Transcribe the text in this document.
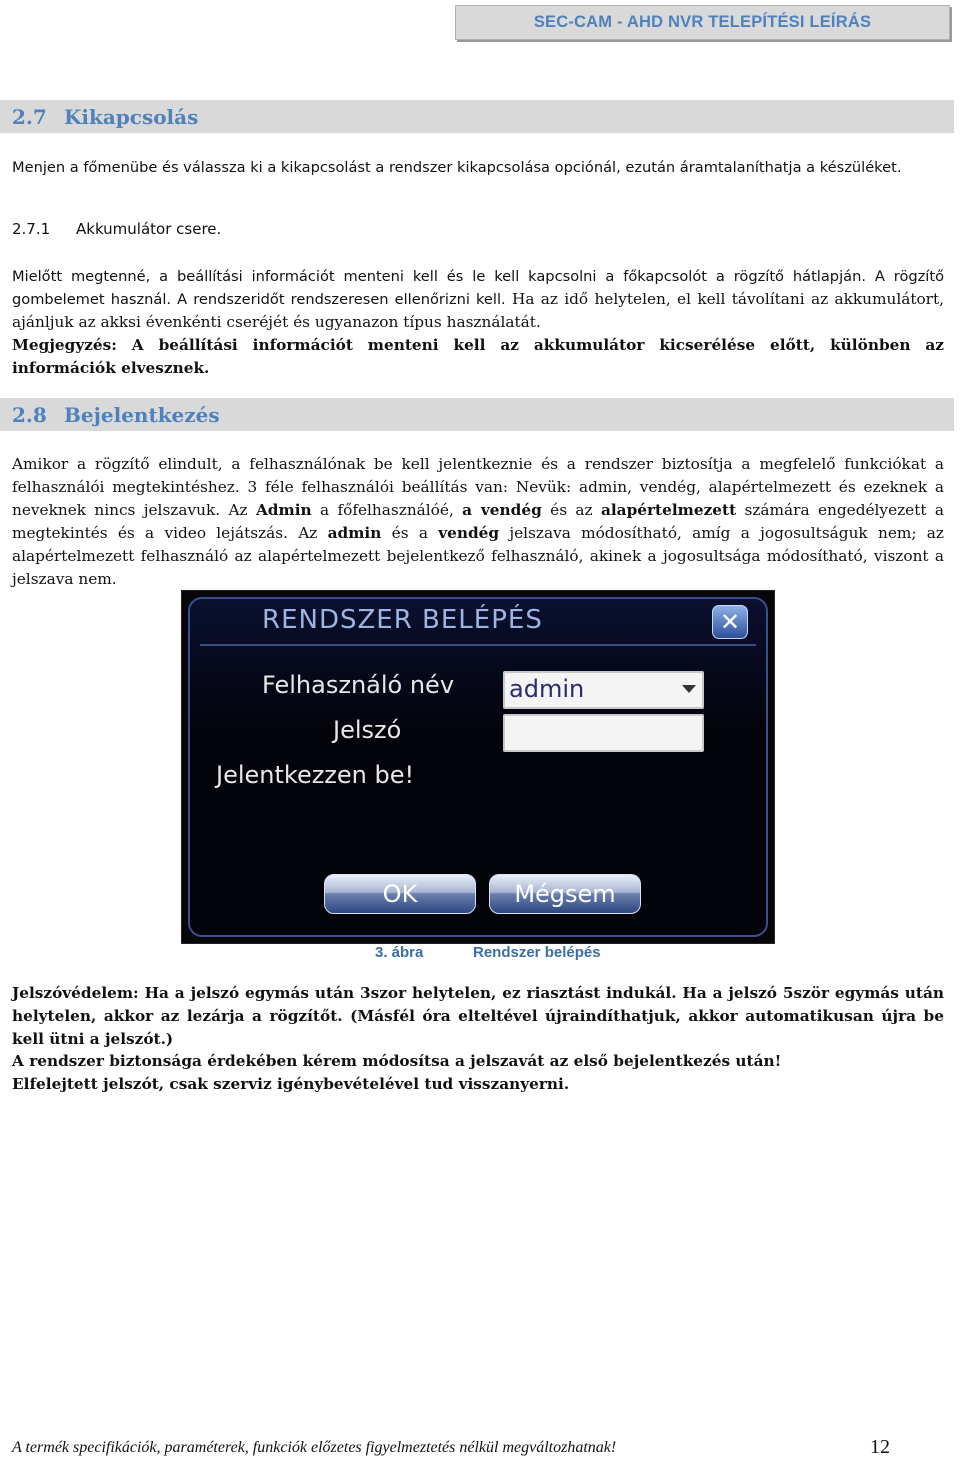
SEC-CAM - AHD NVR TELEPÍTÉSI LEÍRÁS
2.7 Kikapcsolás
Menjen a főmenübe és válassza ki a kikapcsolást a rendszer kikapcsolása opciónál, ezután áramtalaníthatja a készüléket.
2.7.1 Akkumulátor csere.
Mielőtt megtenné, a beállítási információt menteni kell és le kell kapcsolni a főkapcsolót a rögzítő hátlapján. A rögzítő gombelemet használ. A rendszeridőt rendszeresen ellenőrizni kell. Ha az idő helytelen, el kell távolítani az akkumulátort, ajánljuk az akksi évenkénti cseréjét és ugyanazon típus használatát.
Megjegyzés: A beállítási információt menteni kell az akkumulátor kicserélése előtt, különben az információk elvesznek.
2.8 Bejelentkezés
Amikor a rögzítő elindult, a felhasználónak be kell jelentkeznie és a rendszer biztosítja a megfelelő funkciókat a felhasználói megtekintéshez. 3 féle felhasználói beállítás van: Nevük: admin, vendég, alapértelmezett és ezeknek a neveknek nincs jelszavuk. Az Admin a főfelhasználóé, a vendég és az alapértelmezett számára engedélyezett a megtekintés és a video lejátszás. Az admin és a vendég jelszava módosítható, amíg a jogosultságuk nem; az alapértelmezett felhasználó az alapértelmezett bejelentkező felhasználó, akinek a jogosultsága módosítható, viszont a jelszava nem.
RENDSZER BELÉPÉS	✕
Felhasználó név admin
Jelszó
Jelentkezzen be!
OK	Mégsem
3. ábra	Rendszer belépés
Jelszóvédelem: Ha a jelszó egymás után 3szor helytelen, ez riasztást indukál. Ha a jelszó 5ször egymás után helytelen, akkor az lezárja a rögzítőt. (Másfél óra elteltével újraindíthatjuk, akkor automatikusan újra be kell ütni a jelszót.)
A rendszer biztonsága érdekében kérem módosítsa a jelszavát az első bejelentkezés után!
Elfelejtett jelszót, csak szerviz igénybevételével tud visszanyerni.
A termék specifikációk, paraméterek, funkciók előzetes figyelmeztetés nélkül megváltozhatnak!	12
